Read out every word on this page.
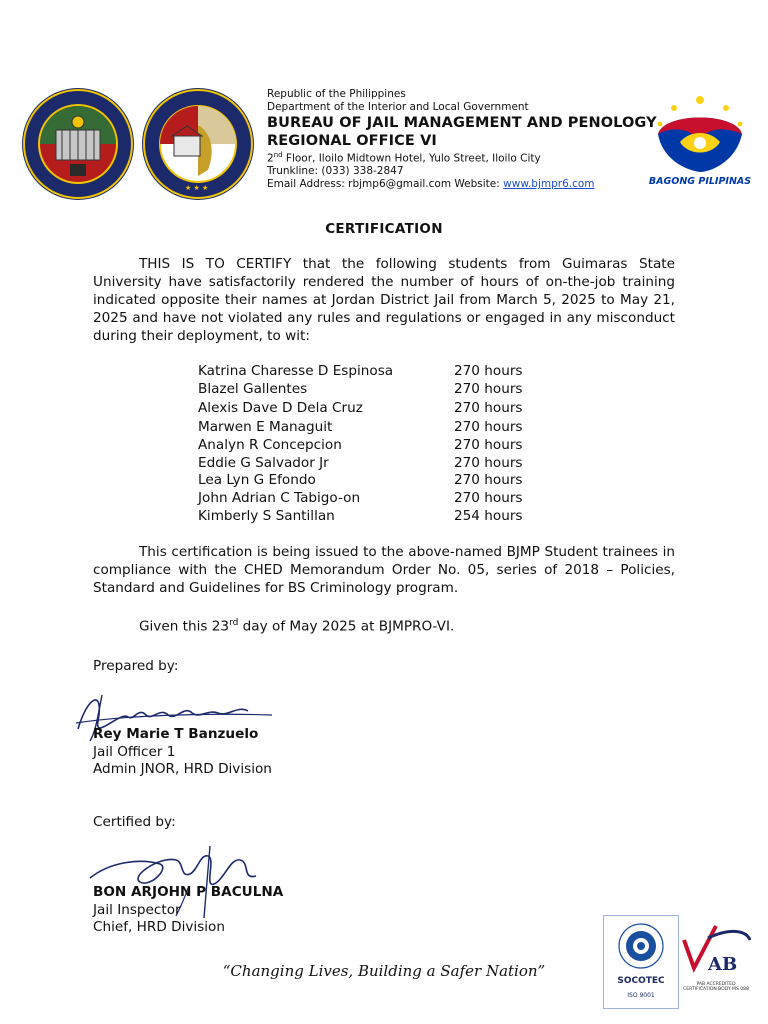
★ ★ ★
Republic of the Philippines
Department of the Interior and Local Government
BUREAU OF JAIL MANAGEMENT AND PENOLOGY
REGIONAL OFFICE VI
2nd Floor, Iloilo Midtown Hotel, Yulo Street, Iloilo City
Trunkline: (033) 338-2847
Email Address: rbjmp6@gmail.com Website: www.bjmpr6.com	BAGONG PILIPINAS
CERTIFICATION

THIS IS TO CERTIFY that the following students from Guimaras State University have satisfactorily rendered the number of hours of on-the-job training indicated opposite their names at Jordan District Jail from March 5, 2025 to May 21, 2025 and have not violated any rules and regulations or engaged in any misconduct during their deployment, to wit:

Katrina Charesse D Espinosa	270 hours
Blazel Gallentes	270 hours
Alexis Dave D Dela Cruz	270 hours
Marwen E Managuit	270 hours
Analyn R Concepcion	270 hours
Eddie G Salvador Jr	270 hours
Lea Lyn G Efondo	270 hours
John Adrian C Tabigo-on	270 hours
Kimberly S Santillan	254 hours

This certification is being issued to the above-named BJMP Student trainees in compliance with the CHED Memorandum Order No. 05, series of 2018 – Policies, Standard and Guidelines for BS Criminology program.

Given this 23rd day of May 2025 at BJMPRO-VI.
Prepared by:
Rey Marie T Banzuelo
Jail Officer 1
Admin JNOR, HRD Division
Certified by:
BON ARJOHN P BACULNA
Jail Inspector
Chief, HRD Division
“Changing Lives, Building a Safer Nation”
SOCOTEC
ISO 9001
AB
PAB ACCREDITED CERTIFICATION BODY MS 088
